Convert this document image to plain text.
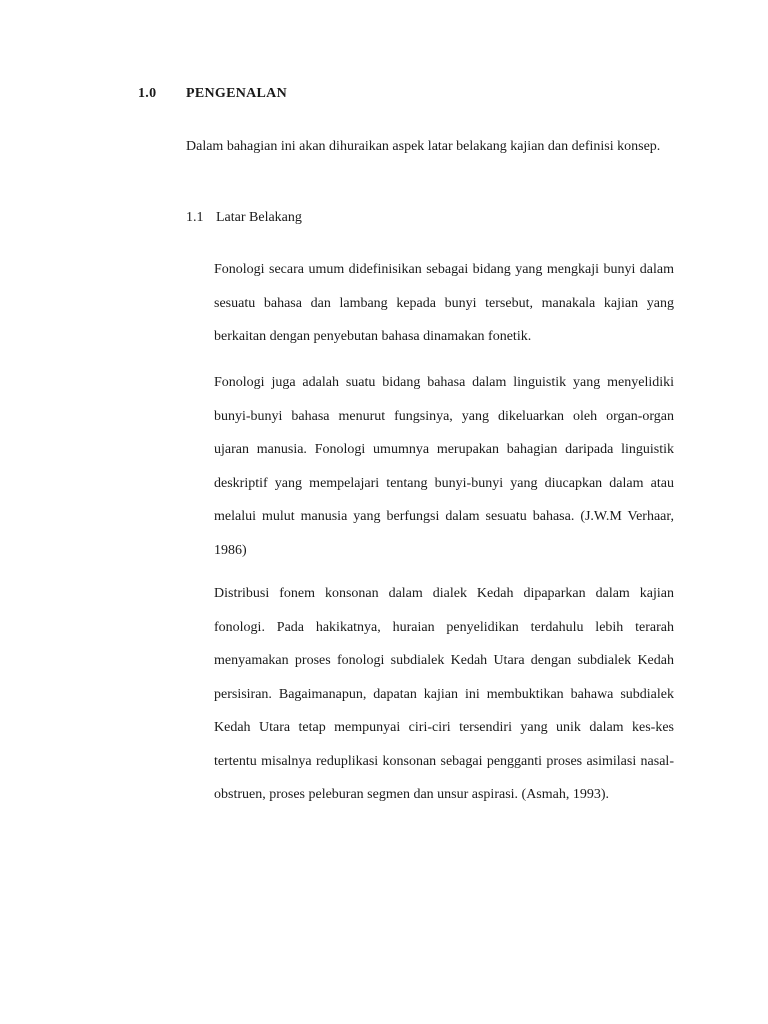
1.0 PENGENALAN

Dalam bahagian ini akan dihuraikan aspek latar belakang kajian dan definisi konsep.

1.1 Latar Belakang

Fonologi secara umum didefinisikan sebagai bidang yang mengkaji bunyi dalam sesuatu bahasa dan lambang kepada bunyi tersebut, manakala kajian yang berkaitan dengan penyebutan bahasa dinamakan fonetik.

Fonologi juga adalah suatu bidang bahasa dalam linguistik yang menyelidiki bunyi-bunyi bahasa menurut fungsinya, yang dikeluarkan oleh organ-organ ujaran manusia. Fonologi umumnya merupakan bahagian daripada linguistik deskriptif yang mempelajari tentang bunyi-bunyi yang diucapkan dalam atau melalui mulut manusia yang berfungsi dalam sesuatu bahasa. (J.W.M Verhaar, 1986)

Distribusi fonem konsonan dalam dialek Kedah dipaparkan dalam kajian fonologi. Pada hakikatnya, huraian penyelidikan terdahulu lebih terarah menyamakan proses fonologi subdialek Kedah Utara dengan subdialek Kedah persisiran. Bagaimanapun, dapatan kajian ini membuktikan bahawa subdialek Kedah Utara tetap mempunyai ciri-ciri tersendiri yang unik dalam kes-kes tertentu misalnya reduplikasi konsonan sebagai pengganti proses asimilasi nasal-obstruen, proses peleburan segmen dan unsur aspirasi. (Asmah, 1993).
